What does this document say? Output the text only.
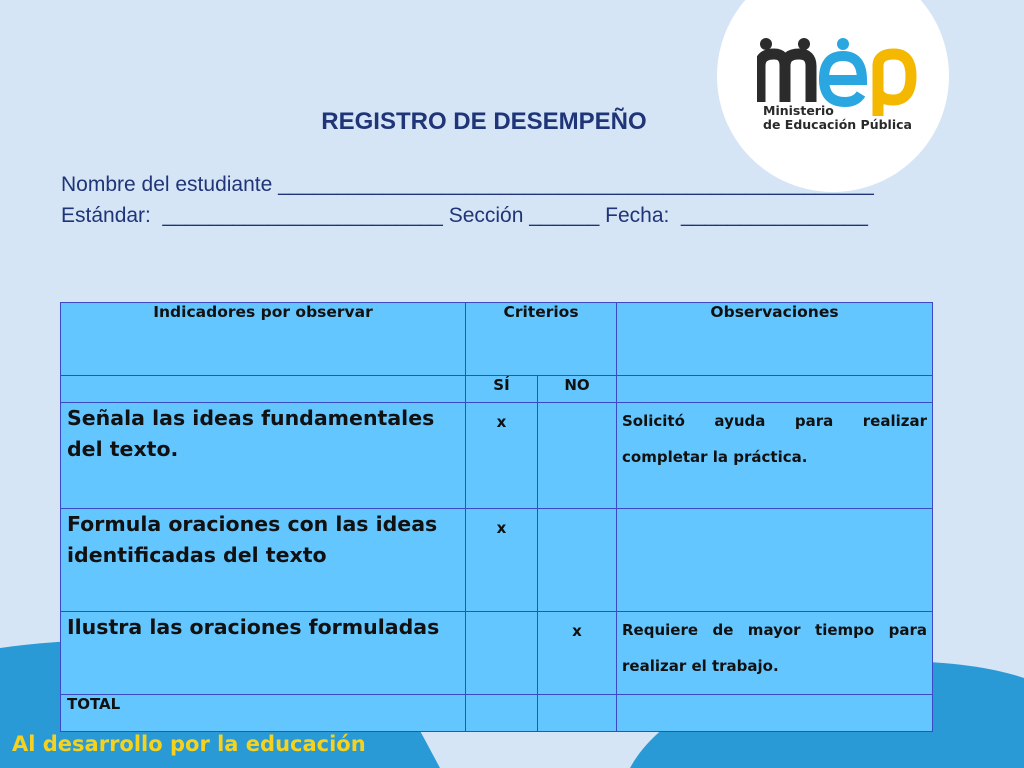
Ministerio
de Educación Pública
REGISTRO DE DESEMPEÑO
Nombre del estudiante ___________________________________________________
Estándar:  ________________________ Sección ______ Fecha:  ________________
Indicadores por observar	Criterios		Observaciones
	SÍ	NO	
Señala las ideas fundamentales del texto.	x		Solicitó ayuda para realizar completar la práctica.
Formula oraciones con las ideas identificadas del texto	x		
Ilustra las oraciones formuladas		x	Requiere de mayor tiempo para realizar el trabajo.
TOTAL			
Al desarrollo por la educación
